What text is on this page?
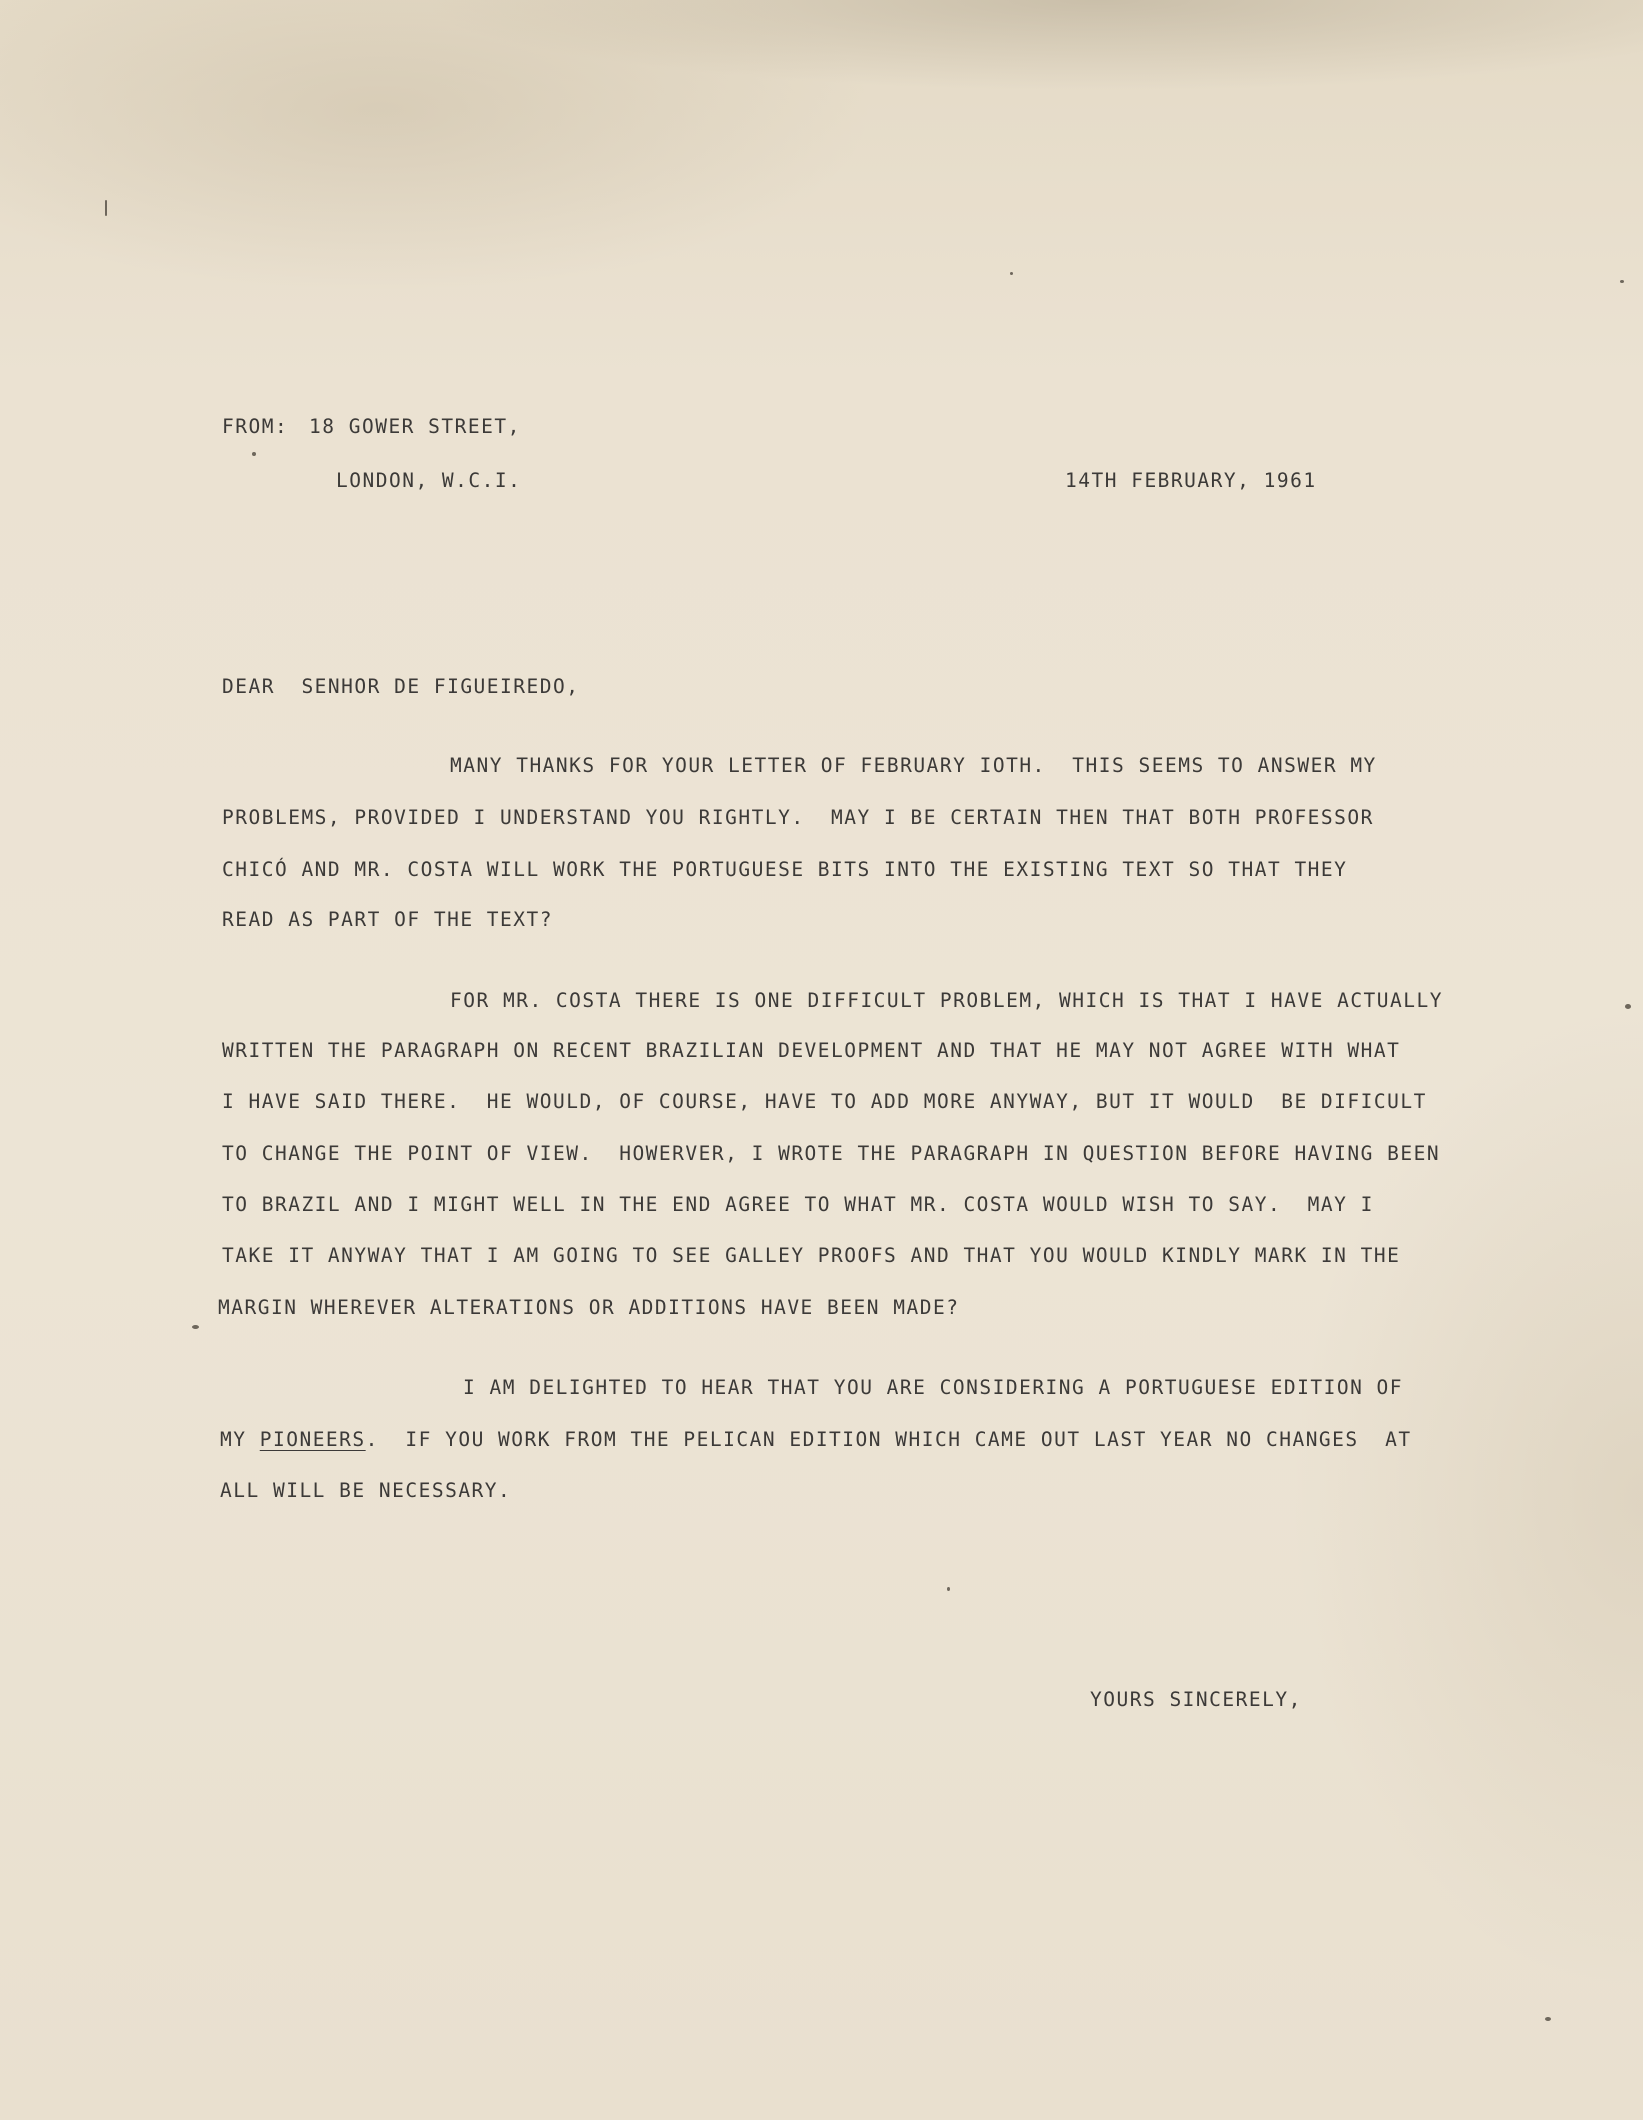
FROM: 18 GOWER STREET,
LONDON, W.C.I.	14TH FEBRUARY, 1961
DEAR  SENHOR DE FIGUEIREDO,
MANY THANKS FOR YOUR LETTER OF FEBRUARY IOTH.  THIS SEEMS TO ANSWER MY
PROBLEMS, PROVIDED I UNDERSTAND YOU RIGHTLY.  MAY I BE CERTAIN THEN THAT BOTH PROFESSOR
CHICÓ AND MR. COSTA WILL WORK THE PORTUGUESE BITS INTO THE EXISTING TEXT SO THAT THEY
READ AS PART OF THE TEXT?
FOR MR. COSTA THERE IS ONE DIFFICULT PROBLEM, WHICH IS THAT I HAVE ACTUALLY
WRITTEN THE PARAGRAPH ON RECENT BRAZILIAN DEVELOPMENT AND THAT HE MAY NOT AGREE WITH WHAT
I HAVE SAID THERE.  HE WOULD, OF COURSE, HAVE TO ADD MORE ANYWAY, BUT IT WOULD  BE DIFICULT
TO CHANGE THE POINT OF VIEW.  HOWERVER, I WROTE THE PARAGRAPH IN QUESTION BEFORE HAVING BEEN
TO BRAZIL AND I MIGHT WELL IN THE END AGREE TO WHAT MR. COSTA WOULD WISH TO SAY.  MAY I
TAKE IT ANYWAY THAT I AM GOING TO SEE GALLEY PROOFS AND THAT YOU WOULD KINDLY MARK IN THE
MARGIN WHEREVER ALTERATIONS OR ADDITIONS HAVE BEEN MADE?
I AM DELIGHTED TO HEAR THAT YOU ARE CONSIDERING A PORTUGUESE EDITION OF
MY PIONEERS.  IF YOU WORK FROM THE PELICAN EDITION WHICH CAME OUT LAST YEAR NO CHANGES  AT
ALL WILL BE NECESSARY.
YOURS SINCERELY,
